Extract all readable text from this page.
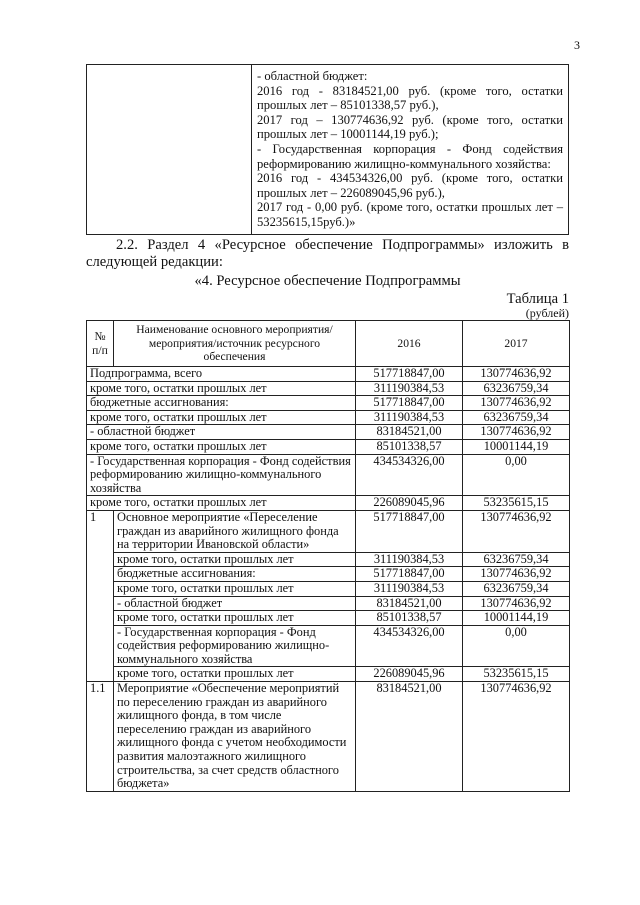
3

- областной бюджет:
2016 год - 83184521,00 руб. (кроме того, остатки прошлых лет – 85101338,57 руб.),
2017 год – 130774636,92 руб. (кроме того, остатки прошлых лет – 10001144,19 руб.);
- Государственная корпорация - Фонд содействия реформированию жилищно-коммунального хозяйства:
2016 год - 434534326,00 руб. (кроме того, остатки прошлых лет – 226089045,96 руб.),
2017 год - 0,00 руб. (кроме того, остатки прошлых лет – 53235615,15руб.)»
2.2. Раздел 4 «Ресурсное обеспечение Подпрограммы» изложить в следующей редакции:
«4. Ресурсное обеспечение Подпрограммы
Таблица 1
(рублей)
№ п/п	Наименование основного мероприятия/мероприятия/источник ресурсного обеспечения	2016	2017
Подпрограмма, всего		517718847,00	130774636,92
кроме того, остатки прошлых лет		311190384,53	63236759,34
бюджетные ассигнования:		517718847,00	130774636,92
кроме того, остатки прошлых лет		311190384,53	63236759,34
- областной бюджет		83184521,00	130774636,92
кроме того, остатки прошлых лет		85101338,57	10001144,19
- Государственная корпорация - Фонд содействия реформированию жилищно-коммунального хозяйства		434534326,00	0,00
кроме того, остатки прошлых лет		226089045,96	53235615,15
1	Основное мероприятие «Переселение граждан из аварийного жилищного фонда на территории Ивановской области»	517718847,00	130774636,92
	кроме того, остатки прошлых лет	311190384,53	63236759,34
	бюджетные ассигнования:	517718847,00	130774636,92
	кроме того, остатки прошлых лет	311190384,53	63236759,34
	- областной бюджет	83184521,00	130774636,92
	кроме того, остатки прошлых лет	85101338,57	10001144,19
	- Государственная корпорация - Фонд содействия реформированию жилищно-коммунального хозяйства	434534326,00	0,00
	кроме того, остатки прошлых лет	226089045,96	53235615,15
1.1	Мероприятие «Обеспечение мероприятий по переселению граждан из аварийного жилищного фонда, в том числе переселению граждан из аварийного жилищного фонда с учетом необходимости развития малоэтажного жилищного строительства, за счет средств областного бюджета»	83184521,00	130774636,92
